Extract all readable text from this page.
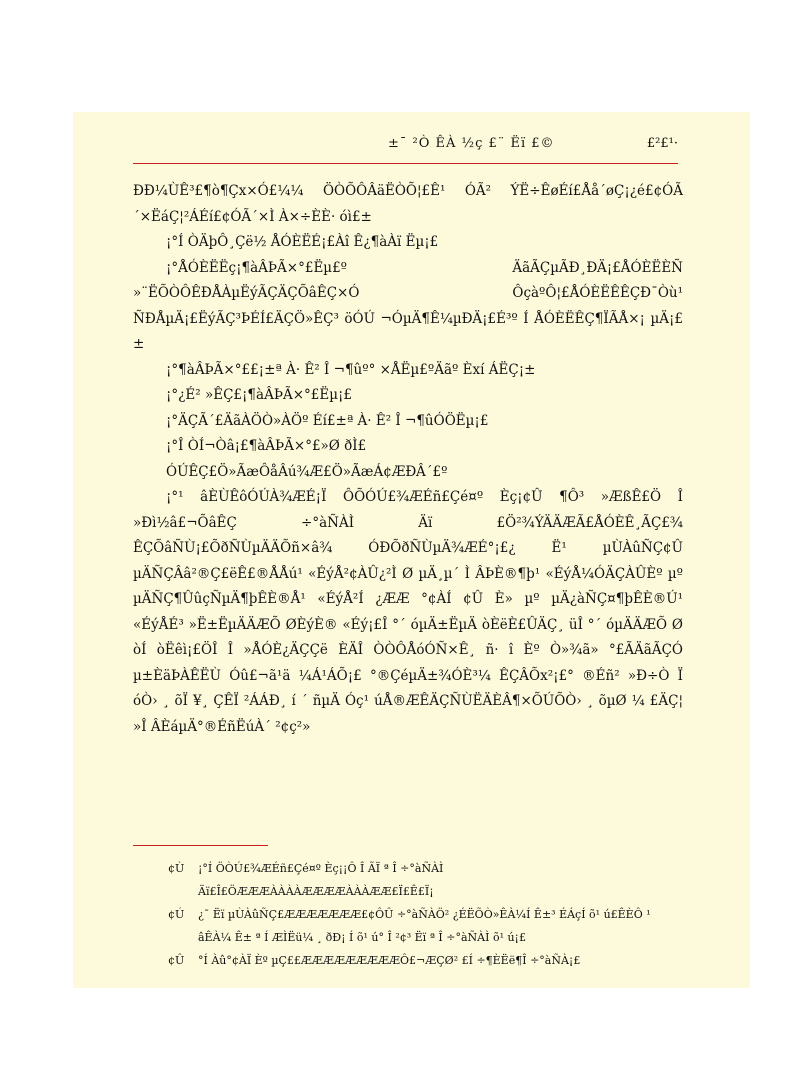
±¯ ²Ò ÊÀ ½ç £¨ Ëï £©	£²£¹·

ÐÐ¼ÙÊ³£¶ò¶Çx×Ó£¼¼ ÖÒÕÔÂäËÒÕ¦£Ê¹ ÓÃ² ÝË÷ÊøÉí£Åå´øÇ¡¿é£¢ÓÃ´×ËáÇ¦²ÁÉí£¢ÓÃ´×Ì À×÷ÈÈ· óì£±

¡°Í ÒÄþÔ¸Çë½ ÅÓÈËÉ¡£Àî Ê¿¶àÀï Ëµ¡£

¡°ÅÓÈËËç¡¶àÂÞÃ×°£Ëµ£º ÄãÃÇµÃÐ¸ÐÄ¡£ÅÓÈËÈÑ »¨ËÕÒÔÊÐÅÀµËýÃÇÄÇÕâÊÇ×Ó ÔçàºÔ¦£ÅÓÈËÊÊÇÐ¯Òù¹ ÑÐÅµÄ¡£ËýÃÇ³ÞÉÍ£ÄÇÖ»ÊÇ³ öÓÚ ¬ÓµÄ¶Ê¼µÐÄ¡£É³º Í ÅÓÈËÊÇ¶ÏÃÅ×¡ µÄ¡£±

¡°¶àÂÞÃ×°££¡±ª À· Ê² Î ¬¶ûº° ×ÅËµ£ºÄãº Èxí ÁËÇ¡±

¡°¿É² »ÊÇ£¡¶àÂÞÃ×°£Ëµ¡£

¡°ÄÇÃ´£ÄãÀÖÒ»ÀÖº Éí£±ª À· Ê² Î ¬¶ûÓÖËµ¡£

¡°Î ÒÍ¬Òâ¡£¶àÂÞÃ×°£»Ø ðÌ£

ÓÚÊÇ£Ö»ÃæÔåÂú¾Æ£Ö»ÃæÁ¢ÆÐÂ´£º

¡°¹ âÈÙÊôÓÚÀ¾ÆÉ¡Ï ÔÕÓÚ£¾ÆÉñ£Çé¤º Èç¡¢Û ¶Ô³ »ÆßÊ£Ö Î »Ðì½â£¬ÕâÊÇ ÷°àÑÀÌ Äï £Ö²¾ÝÄÄÆÃ£ÅÓÈÊ¸ÃÇ£¾ ÊÇÕâÑÙ¡£ÕðÑÙµÄÄÕñ×â¾ ÓÐÕðÑÙµÄ¾ÆÉ°¡£¿ Ë¹ µÙÀûÑÇ¢Û µÄÑÇÂâ²®Ç£ëÊ£®ÅÅú¹ «ÉýÅ²¢ÀÛ¿²Ì Ø µÄ¸µ´ Ì ÂÞÈ®¶þ¹ «ÉýÅ¼ÓÄÇÀÛÈº µº µÄÑÇ¶ÛûçÑµÄ¶þÊÈ®Å¹ «ÉýÅ²Í ¿ÆÆ °¢ÀÍ ¢Û È» µº µÄ¿àÑÇ¤¶þÊÈ®Ú¹ «ÉýÅÉ³ »Ë±ËµÄÄÆÕ ØÈýÈ® «Éý¡£Î °´ óµÄ±ËµÄ òÈëÈ£ÛÄÇ¸ üÎ °´ óµÄÄÆÕ Ø òÍ òËêì¡£ÖÎ Î »ÅÓÈ¿ÄÇÇë ÈÄÎ ÒÒÔÅóÓÑ×Ê¸ ñ· î Èº Ò»¾ã» °£ÃÄãÃÇÓ µ±ÈäÞÀÊËÙ Óû£¬ã¹ä ¼Á¹ÁÕ¡£ °®ÇéµÄ±¾ÓÈ³¼ ÊÇÂÕx²¡£° ®Éñ² »Ð÷Ò Ï óÒ› ¸ õÏ ¥¸ ÇÊÏ ²ÁÁÐ¸ í ´ ñµÄ Óç¹ úÅ®ÆÊÄÇÑÙËÄÈÂ¶×ÕÚÕÒ› ¸ õµØ ¼ £ÄÇ¦ »Î ÂÈáµÄ°®ÉñËúÀ´ ²¢ç²»

¢Ù ¡°Í ÖÒÚ£¾ÆÉñ£Çé¤º Èç¡¡Ô Î ÃÏ ª Î ÷°àÑÀÌ Äï£Î£ÖÆÆÆÀÀÀÀÆÆÆÆÀÀÀÆÆ£Ï£Ê£Ï¡
¢Ú ¿¯ Ëï µÙÀûÑÇ£ÆÆÆÆÆÆÆ£¢ÔÛ ÷°àÑÀÖ² ¿ÉËÕÒ»ÊÀ¼Í Ê±³ ÉÁçÍ õ¹ ú£ÊÈÔ ¹ âÊÀ¼ Ê± ª Í ÆÌËü¼ ¸ ðÐ¡ Í õ¹ ú° Î ²¢³ Ëï ª Î ÷°àÑÀÌ õ¹ ú¡£
¢Û °Í Àû°¢ÀÏ Èº µÇ££ÆÆÆÆÆÆÆÆÆÔ£¬ÆÇØ² £Í ÷¶ÈËë¶Î ÷°àÑÀ¡£
